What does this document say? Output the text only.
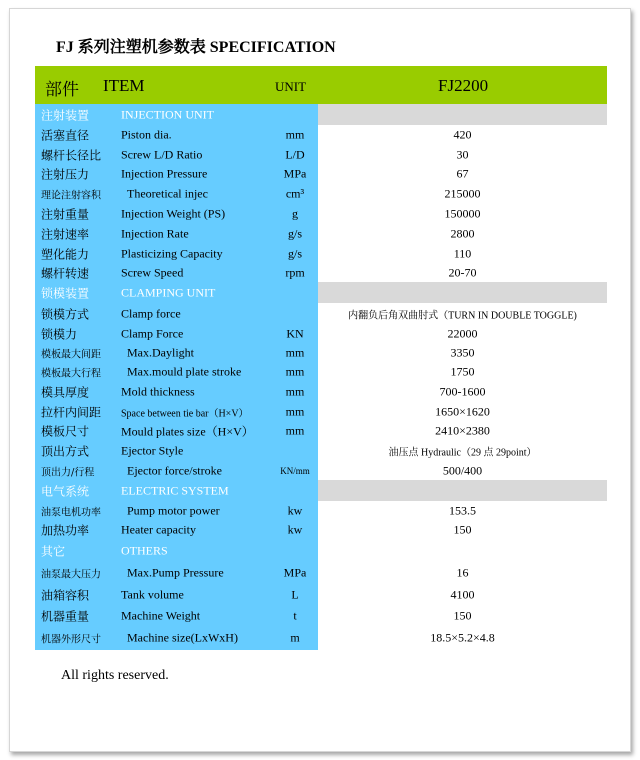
FJ 系列注塑机参数表 SPECIFICATION
部件 ITEM	UNIT	FJ2200
注射装置	INJECTION UNIT
活塞直径	Piston dia.	mm	420
螺杆长径比 Screw L/D Ratio	L/D	30
注射压力	Injection Pressure	MPa	67
理论注射容积 Theoretical injec	cm³	215000
注射重量	Injection Weight (PS)	g	150000
注射速率	Injection Rate	g/s	2800
塑化能力	Plasticizing Capacity	g/s	110
螺杆转速	Screw Speed	rpm	20-70
锁模装置	CLAMPING UNIT
锁模方式	Clamp force	内翻负后角双曲肘式（TURN IN DOUBLE TOGGLE)
锁模力	Clamp Force	KN	22000
模板最大间距 Max.Daylight	mm	3350
模板最大行程 Max.mould plate stroke	mm	1750
模具厚度	Mold thickness	mm	700-1600
拉杆内间距 Space between tie bar（H×V）	mm	1650×1620
模板尺寸	Mould plates size（H×V）	mm	2410×2380
顶出方式	Ejector Style	油压点 Hydraulic（29 点 29point）
顶出力/行程	Ejector force/stroke	KN/mm	500/400
电气系统	ELECTRIC SYSTEM
油泵电机功率 Pump motor power	kw	153.5
加热功率	Heater capacity	kw	150
其它	OTHERS
油泵最大压力 Max.Pump Pressure	MPa	16
油箱容积	Tank volume	L	4100
机器重量	Machine Weight	t	150
机器外形尺寸 Machine size(LxWxH)	m	18.5×5.2×4.8
All rights reserved.
